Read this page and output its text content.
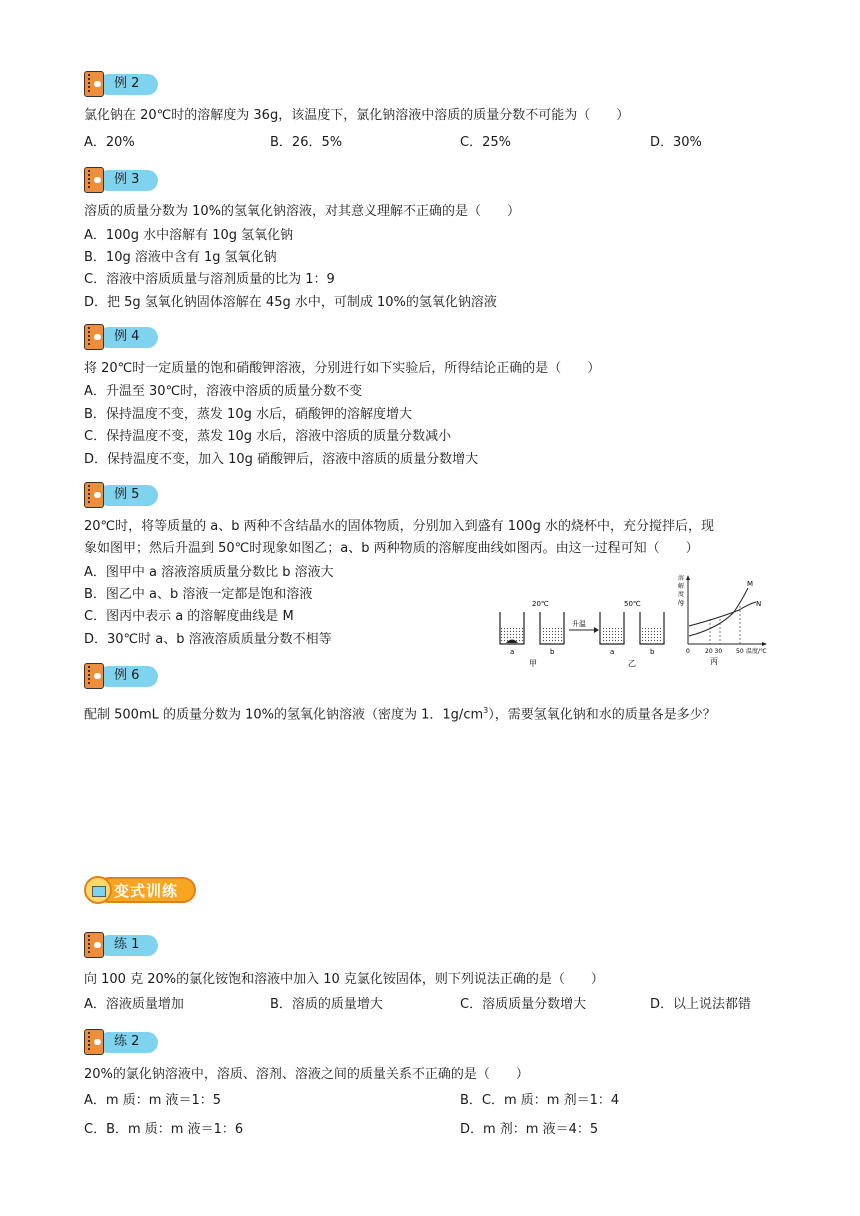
例 2
氯化钠在 20℃时的溶解度为 36g，该温度下，氯化钠溶液中溶质的质量分数不可能为（　　）
A．20%	B．26．5%	C．25%	D．30%
例 3
溶质的质量分数为 10%的氢氧化钠溶液，对其意义理解不正确的是（　　）
A．100g 水中溶解有 10g 氢氧化钠
B．10g 溶液中含有 1g 氢氧化钠
C．溶液中溶质质量与溶剂质量的比为 1：9
D．把 5g 氢氧化钠固体溶解在 45g 水中，可制成 10%的氢氧化钠溶液
例 4
将 20℃时一定质量的饱和硝酸钾溶液，分别进行如下实验后，所得结论正确的是（　　）
A．升温至 30℃时，溶液中溶质的质量分数不变
B．保持温度不变，蒸发 10g 水后，硝酸钾的溶解度增大
C．保持温度不变，蒸发 10g 水后，溶液中溶质的质量分数减小
D．保持温度不变，加入 10g 硝酸钾后，溶液中溶质的质量分数增大
例 5
20℃时，将等质量的 a、b 两种不含结晶水的固体物质，分别加入到盛有 100g 水的烧杯中，充分搅拌后，现
象如图甲；然后升温到 50℃时现象如图乙；a、b 两种物质的溶解度曲线如图丙。由这一过程可知（　　）
A．图甲中 a 溶液溶质质量分数比 b 溶液大
B．图乙中 a、b 溶液一定都是饱和溶液
C．图丙中表示 a 的溶解度曲线是 M
D．30℃时 a、b 溶液溶质质量分数不相等
20℃	50℃
a	b
甲
升温
a	b
乙
溶
解
度
/g
M
N
0	20 30 50 温度/℃
丙
例 6
配制 500mL 的质量分数为 10%的氢氧化钠溶液（密度为 1．$1g/cm^3$），需要氢氧化钠和水的质量各是多少？
变式训练
练 1
向 100 克 20%的氯化铵饱和溶液中加入 10 克氯化铵固体，则下列说法正确的是（　　）
A．溶液质量增加	B．溶质的质量增大	C．溶质质量分数增大	D．以上说法都错
练 2
20%的氯化钠溶液中，溶质、溶剂、溶液之间的质量关系不正确的是（　　）
A．m 质：m 液＝1：5	B．C．m 质：m 剂＝1：4
C．B．m 质：m 液＝1：6	D．m 剂：m 液＝4：5
